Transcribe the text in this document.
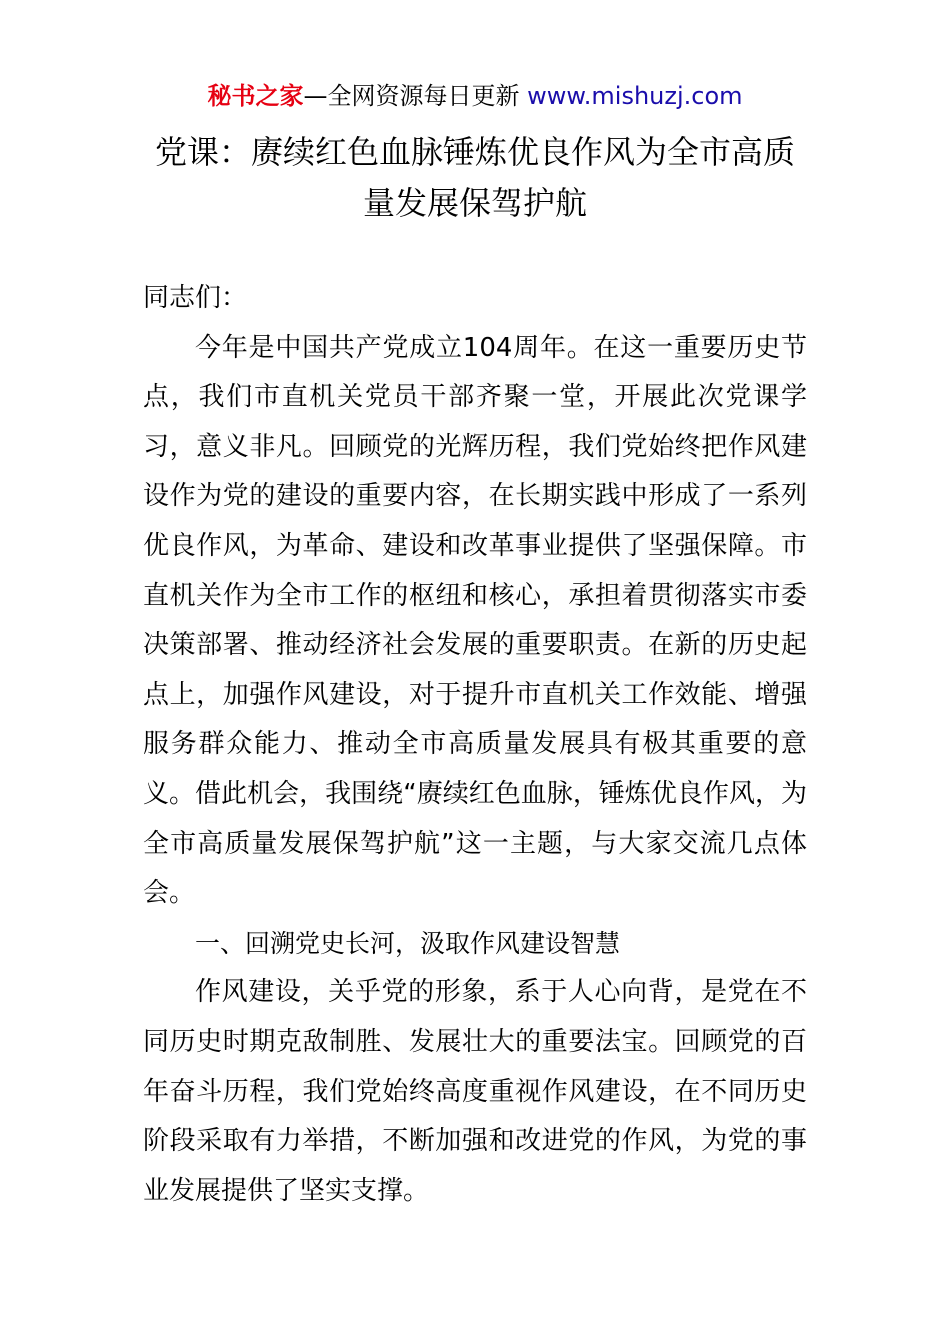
秘书之家—全网资源每日更新 www.mishuzj.com
党课：赓续红色血脉锤炼优良作风为全市高质量发展保驾护航

同志们：

今年是中国共产党成立104周年。在这一重要历史节点，我们市直机关党员干部齐聚一堂，开展此次党课学习，意义非凡。回顾党的光辉历程，我们党始终把作风建设作为党的建设的重要内容，在长期实践中形成了一系列优良作风，为革命、建设和改革事业提供了坚强保障。市直机关作为全市工作的枢纽和核心，承担着贯彻落实市委决策部署、推动经济社会发展的重要职责。在新的历史起点上，加强作风建设，对于提升市直机关工作效能、增强服务群众能力、推动全市高质量发展具有极其重要的意义。借此机会，我围绕“赓续红色血脉，锤炼优良作风，为全市高质量发展保驾护航”这一主题，与大家交流几点体会。

一、回溯党史长河，汲取作风建设智慧

作风建设，关乎党的形象，系于人心向背，是党在不同历史时期克敌制胜、发展壮大的重要法宝。回顾党的百年奋斗历程，我们党始终高度重视作风建设，在不同历史阶段采取有力举措，不断加强和改进党的作风，为党的事业发展提供了坚实支撑。
